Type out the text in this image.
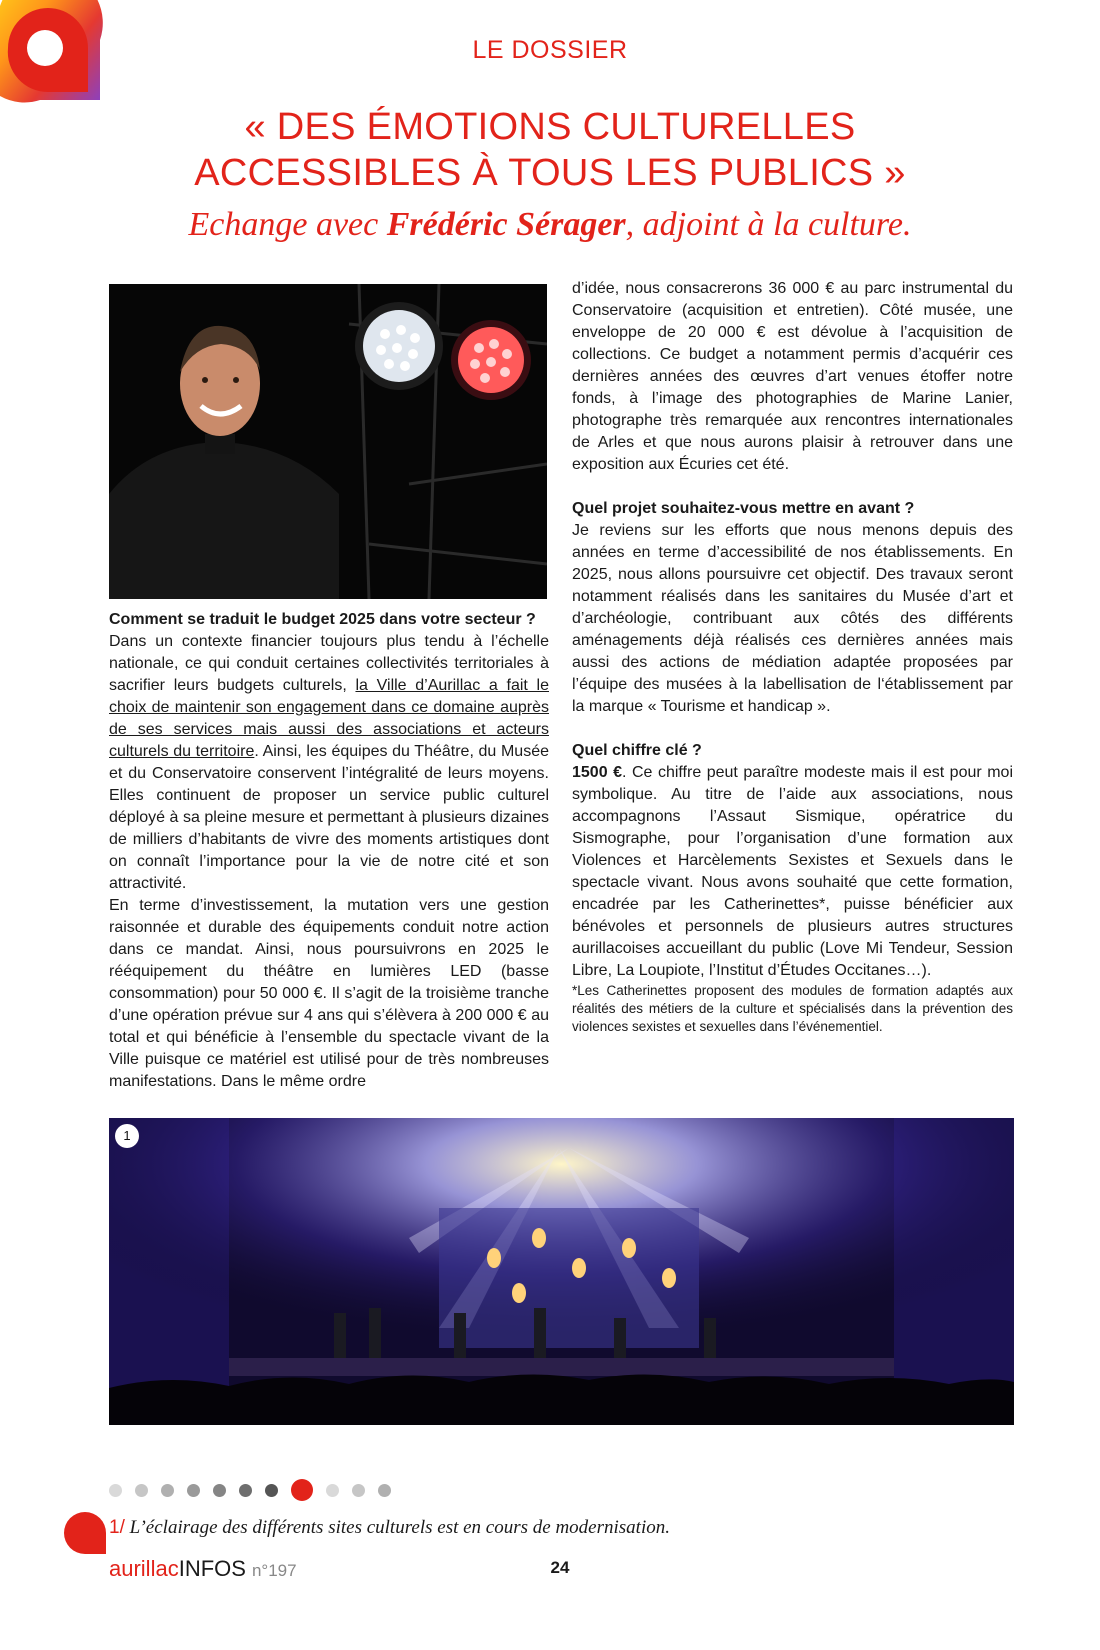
LE DOSSIER
« DES ÉMOTIONS CULTURELLES
ACCESSIBLES À TOUS LES PUBLICS »
Echange avec Frédéric Sérager, adjoint à la culture.

Comment se traduit le budget 2025 dans votre secteur ?

Dans un contexte financier toujours plus tendu à l’échelle nationale, ce qui conduit certaines collectivités territoriales à sacrifier leurs budgets culturels, la Ville d’Aurillac a fait le choix de maintenir son engagement dans ce domaine auprès de ses services mais aussi des associations et acteurs culturels du territoire. Ainsi, les équipes du Théâtre, du Musée et du Conservatoire conservent l’intégralité de leurs moyens. Elles continuent de proposer un service public culturel déployé à sa pleine mesure et permettant à plusieurs dizaines de milliers d’habitants de vivre des moments artistiques dont on connaît l’importance pour la vie de notre cité et son attractivité.

En terme d’investissement, la mutation vers une gestion raisonnée et durable des équipements conduit notre action dans ce mandat. Ainsi, nous poursuivrons en 2025 le rééquipement du théâtre en lumières LED (basse consommation) pour 50 000 €. Il s’agit de la troisième tranche d’une opération prévue sur 4 ans qui s’élèvera à 200 000 € au total et qui bénéficie à l’ensemble du spectacle vivant de la Ville puisque ce matériel est utilisé pour de très nombreuses manifestations. Dans le même ordre

d’idée, nous consacrerons 36 000 € au parc instrumental du Conservatoire (acquisition et entretien). Côté musée, une enveloppe de 20 000 € est dévolue à l’acquisition de collections. Ce budget a notamment permis d’acquérir ces dernières années des œuvres d’art venues étoffer notre fonds, à l’image des photographies de Marine Lanier, photographe très remarquée aux rencontres internationales de Arles et que nous aurons plaisir à retrouver dans une exposition aux Écuries cet été.

Quel projet souhaitez-vous mettre en avant ?

Je reviens sur les efforts que nous menons depuis des années en terme d’accessibilité de nos établissements. En 2025, nous allons poursuivre cet objectif. Des travaux seront notamment réalisés dans les sanitaires du Musée d’art et d’archéologie, contribuant aux côtés des différents aménagements déjà réalisés ces dernières années mais aussi des actions de médiation adaptée proposées par l’équipe des musées à la labellisation de l‘établissement par la marque « Tourisme et handicap ».

Quel chiffre clé ?

1500 €. Ce chiffre peut paraître modeste mais il est pour moi symbolique. Au titre de l’aide aux associations, nous accompagnons l’Assaut Sismique, opératrice du Sismographe, pour l’organisation d’une formation aux Violences et Harcèlements Sexistes et Sexuels dans le spectacle vivant. Nous avons souhaité que cette formation, encadrée par les Catherinettes*, puisse bénéficier aux bénévoles et personnels de plusieurs autres structures aurillacoises accueillant du public (Love Mi Tendeur, Session Libre, La Loupiote, l’Institut d’Études Occitanes…).

*Les Catherinettes proposent des modules de formation adaptés aux réalités des métiers de la culture et spécialisés dans la prévention des violences sexistes et sexuelles dans l’événementiel.

1
1/ L’éclairage des différents sites culturels est en cours de modernisation.
aurillacINFOS n°197	24
